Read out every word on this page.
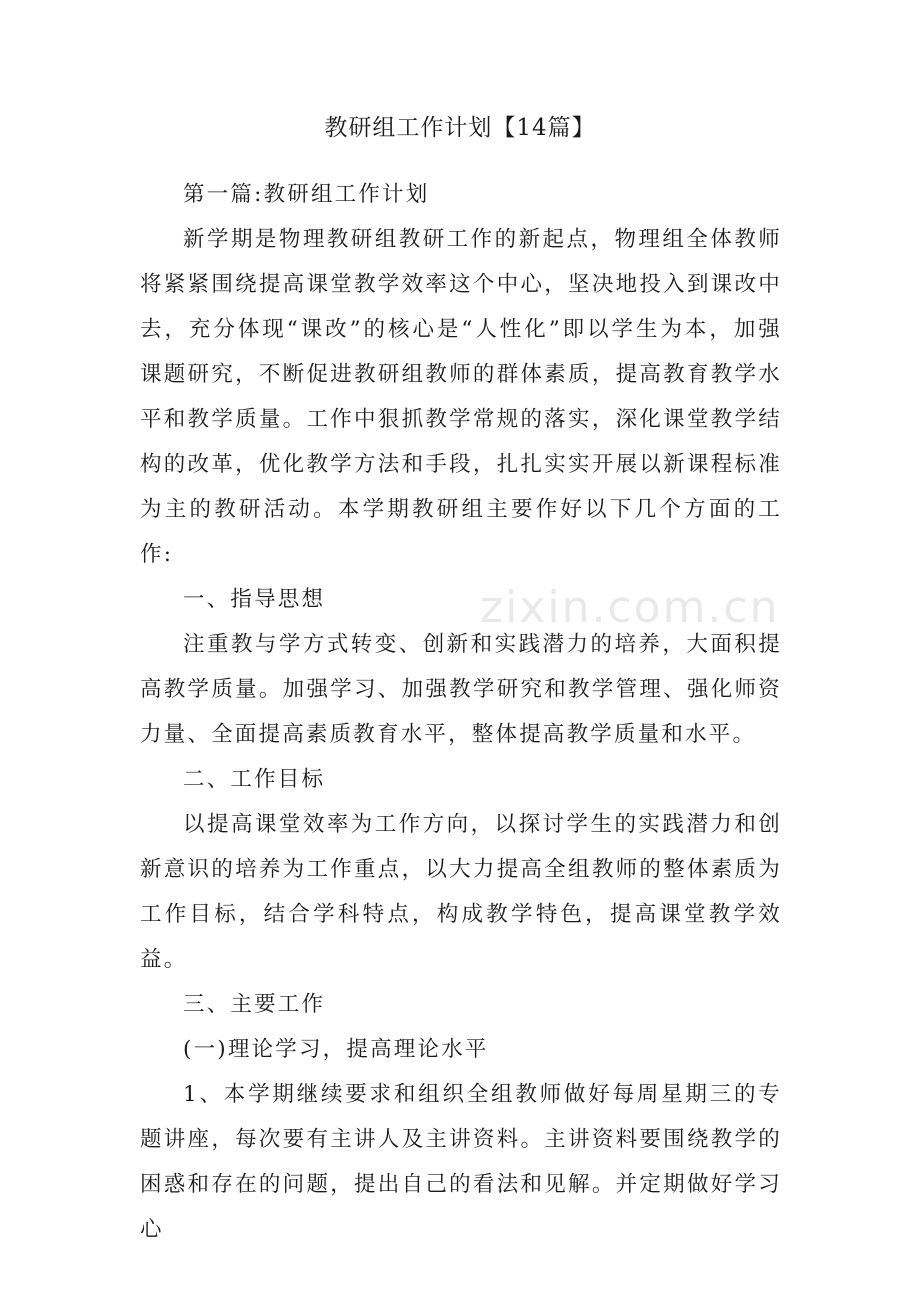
教研组工作计划【14篇】
zixin.com.cn

第一篇:教研组工作计划

新学期是物理教研组教研工作的新起点，物理组全体教师将紧紧围绕提高课堂教学效率这个中心，坚决地投入到课改中去，充分体现“课改”的核心是“人性化”即以学生为本，加强课题研究，不断促进教研组教师的群体素质，提高教育教学水平和教学质量。工作中狠抓教学常规的落实，深化课堂教学结构的改革，优化教学方法和手段，扎扎实实开展以新课程标准为主的教研活动。本学期教研组主要作好以下几个方面的工作:

一、指导思想

注重教与学方式转变、创新和实践潜力的培养，大面积提高教学质量。加强学习、加强教学研究和教学管理、强化师资力量、全面提高素质教育水平，整体提高教学质量和水平。

二、工作目标

以提高课堂效率为工作方向，以探讨学生的实践潜力和创新意识的培养为工作重点，以大力提高全组教师的整体素质为工作目标，结合学科特点，构成教学特色，提高课堂教学效益。

三、主要工作

(一)理论学习，提高理论水平

1、本学期继续要求和组织全组教师做好每周星期三的专题讲座，每次要有主讲人及主讲资料。主讲资料要围绕教学的困惑和存在的问题，提出自己的看法和见解。并定期做好学习心
